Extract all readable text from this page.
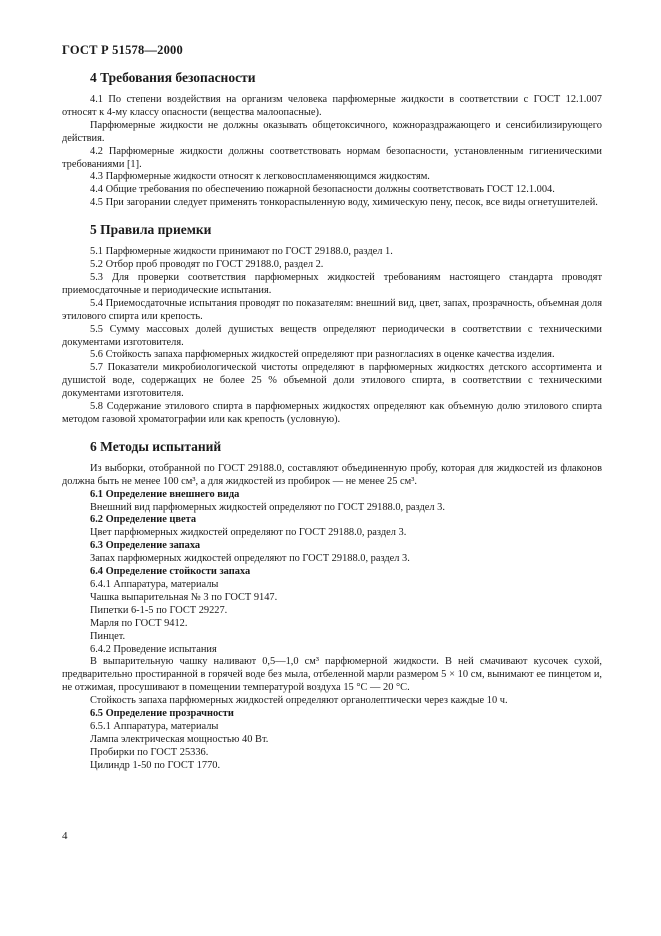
ГОСТ Р 51578—2000
4 Требования безопасности

4.1 По степени воздействия на организм человека парфюмерные жидкости в соответствии с ГОСТ 12.1.007 относят к 4-му классу опасности (вещества малоопасные).

Парфюмерные жидкости не должны оказывать общетоксичного, кожнораздражающего и сенсибилизирующего действия.

4.2 Парфюмерные жидкости должны соответствовать нормам безопасности, установленным гигиеническими требованиями [1].

4.3 Парфюмерные жидкости относят к легковоспламеняющимся жидкостям.

4.4 Общие требования по обеспечению пожарной безопасности должны соответствовать ГОСТ 12.1.004.

4.5 При загорании следует применять тонкораспыленную воду, химическую пену, песок, все виды огнетушителей.

5 Правила приемки

5.1 Парфюмерные жидкости принимают по ГОСТ 29188.0, раздел 1.

5.2 Отбор проб проводят по ГОСТ 29188.0, раздел 2.

5.3 Для проверки соответствия парфюмерных жидкостей требованиям настоящего стандарта проводят приемосдаточные и периодические испытания.

5.4 Приемосдаточные испытания проводят по показателям: внешний вид, цвет, запах, прозрачность, объемная доля этилового спирта или крепость.

5.5 Сумму массовых долей душистых веществ определяют периодически в соответствии с техническими документами изготовителя.

5.6 Стойкость запаха парфюмерных жидкостей определяют при разногласиях в оценке качества изделия.

5.7 Показатели микробиологической чистоты определяют в парфюмерных жидкостях детского ассортимента и душистой воде, содержащих не более 25 % объемной доли этилового спирта, в соответствии с техническими документами изготовителя.

5.8 Содержание этилового спирта в парфюмерных жидкостях определяют как объемную долю этилового спирта методом газовой хроматографии или как крепость (условную).

6 Методы испытаний

Из выборки, отобранной по ГОСТ 29188.0, составляют объединенную пробу, которая для жидкостей из флаконов должна быть не менее 100 см³, а для жидкостей из пробирок — не менее 25 см³.

6.1 Определение внешнего вида
Внешний вид парфюмерных жидкостей определяют по ГОСТ 29188.0, раздел 3.
6.2 Определение цвета
Цвет парфюмерных жидкостей определяют по ГОСТ 29188.0, раздел 3.
6.3 Определение запаха
Запах парфюмерных жидкостей определяют по ГОСТ 29188.0, раздел 3.
6.4 Определение стойкости запаха
6.4.1 Аппаратура, материалы
Чашка выпарительная № 3 по ГОСТ 9147.
Пипетки 6-1-5 по ГОСТ 29227.
Марля по ГОСТ 9412.
Пинцет.
6.4.2 Проведение испытания

В выпарительную чашку наливают 0,5—1,0 см³ парфюмерной жидкости. В ней смачивают кусочек сухой, предварительно простиранной в горячей воде без мыла, отбеленной марли размером 5 × 10 см, вынимают ее пинцетом и, не отжимая, просушивают в помещении температурой воздуха 15 °С — 20 °С.

Стойкость запаха парфюмерных жидкостей определяют органолептически через каждые 10 ч.

6.5 Определение прозрачности
6.5.1 Аппаратура, материалы
Лампа электрическая мощностью 40 Вт.
Пробирки по ГОСТ 25336.
Цилиндр 1-50 по ГОСТ 1770.
4
